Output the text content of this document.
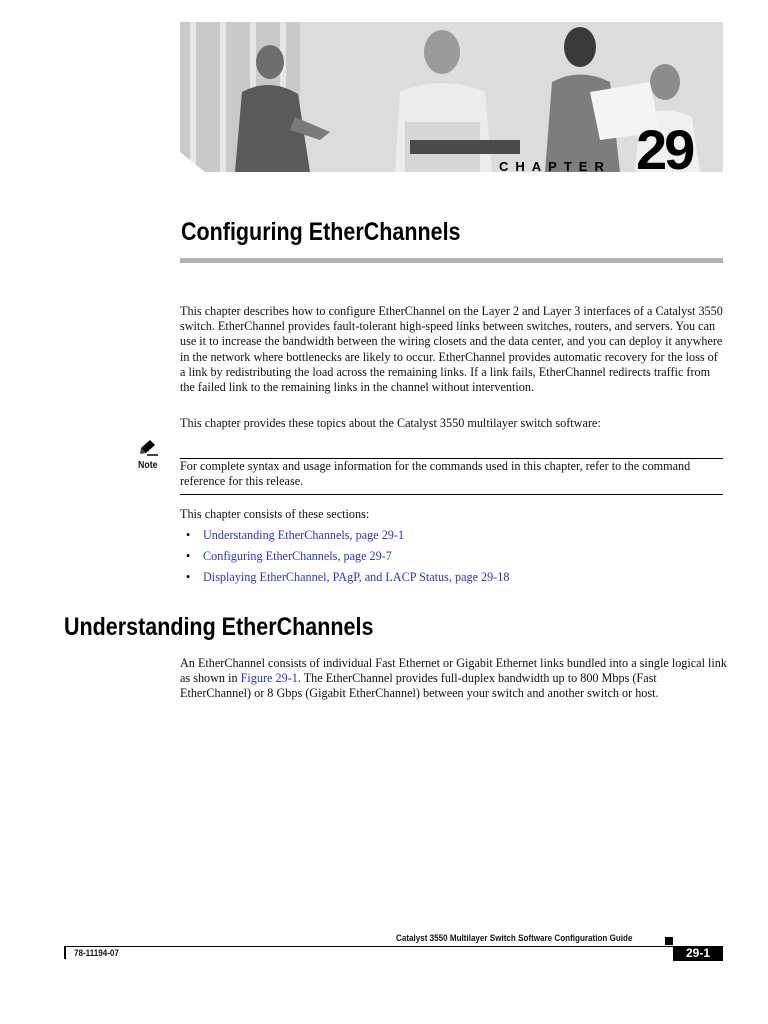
CHAPTER 29
Configuring EtherChannels
This chapter describes how to configure EtherChannel on the Layer 2 and Layer 3 interfaces of a Catalyst 3550 switch. EtherChannel provides fault-tolerant high-speed links between switches, routers, and servers. You can use it to increase the bandwidth between the wiring closets and the data center, and you can deploy it anywhere in the network where bottlenecks are likely to occur. EtherChannel provides automatic recovery for the loss of a link by redistributing the load across the remaining links. If a link fails, EtherChannel redirects traffic from the failed link to the remaining links in the channel without intervention.
This chapter provides these topics about the Catalyst 3550 multilayer switch software:
Note For complete syntax and usage information for the commands used in this chapter, refer to the command reference for this release.
This chapter consists of these sections:
• Understanding EtherChannels, page 29-1
• Configuring EtherChannels, page 29-7
• Displaying EtherChannel, PAgP, and LACP Status, page 29-18
Understanding EtherChannels
An EtherChannel consists of individual Fast Ethernet or Gigabit Ethernet links bundled into a single logical link as shown in Figure 29-1. The EtherChannel provides full-duplex bandwidth up to 800 Mbps (Fast EtherChannel) or 8 Gbps (Gigabit EtherChannel) between your switch and another switch or host.
Catalyst 3550 Multilayer Switch Software Configuration Guide
78-11194-07	29-1
